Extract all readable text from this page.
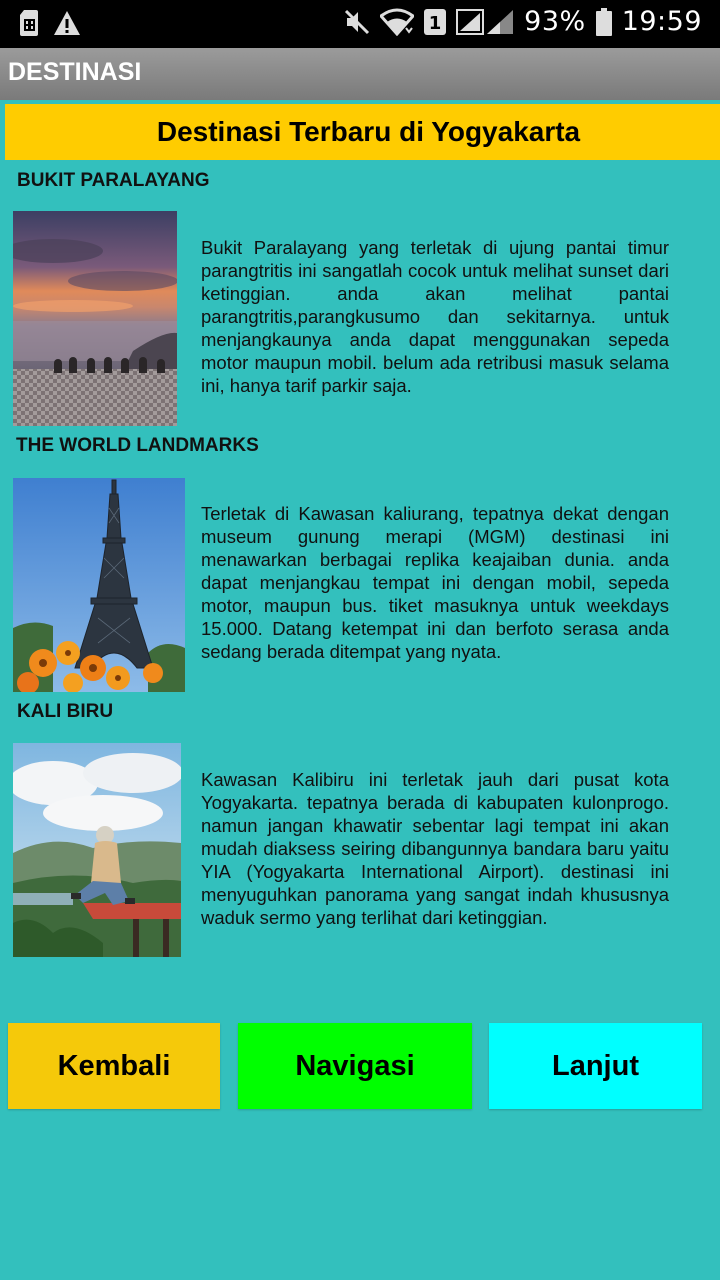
1	93% 19:59
DESTINASI
Destinasi Terbaru di Yogyakarta
BUKIT PARALAYANG
Bukit Paralayang yang terletak di ujung pantai timur parangtritis ini sangatlah cocok untuk melihat sunset dari ketinggian. anda akan melihat pantai parangtritis,parangkusumo dan sekitarnya. untuk menjangkaunya anda dapat menggunakan sepeda motor maupun mobil. belum ada retribusi masuk selama ini, hanya tarif parkir saja.
THE WORLD LANDMARKS
Terletak di Kawasan kaliurang, tepatnya dekat dengan museum gunung merapi (MGM) destinasi ini menawarkan berbagai replika keajaiban dunia. anda dapat menjangkau tempat ini dengan mobil, sepeda motor, maupun bus. tiket masuknya untuk weekdays 15.000. Datang ketempat ini dan berfoto serasa anda sedang berada ditempat yang nyata.
KALI BIRU
Kawasan Kalibiru ini terletak jauh dari pusat kota Yogyakarta. tepatnya berada di kabupaten kulonprogo. namun jangan khawatir sebentar lagi tempat ini akan mudah diaksess seiring dibangunnya bandara baru yaitu YIA (Yogyakarta International Airport). destinasi ini menyuguhkan panorama yang sangat indah khususnya waduk sermo yang terlihat dari ketinggian.
Kembali	Navigasi	Lanjut
